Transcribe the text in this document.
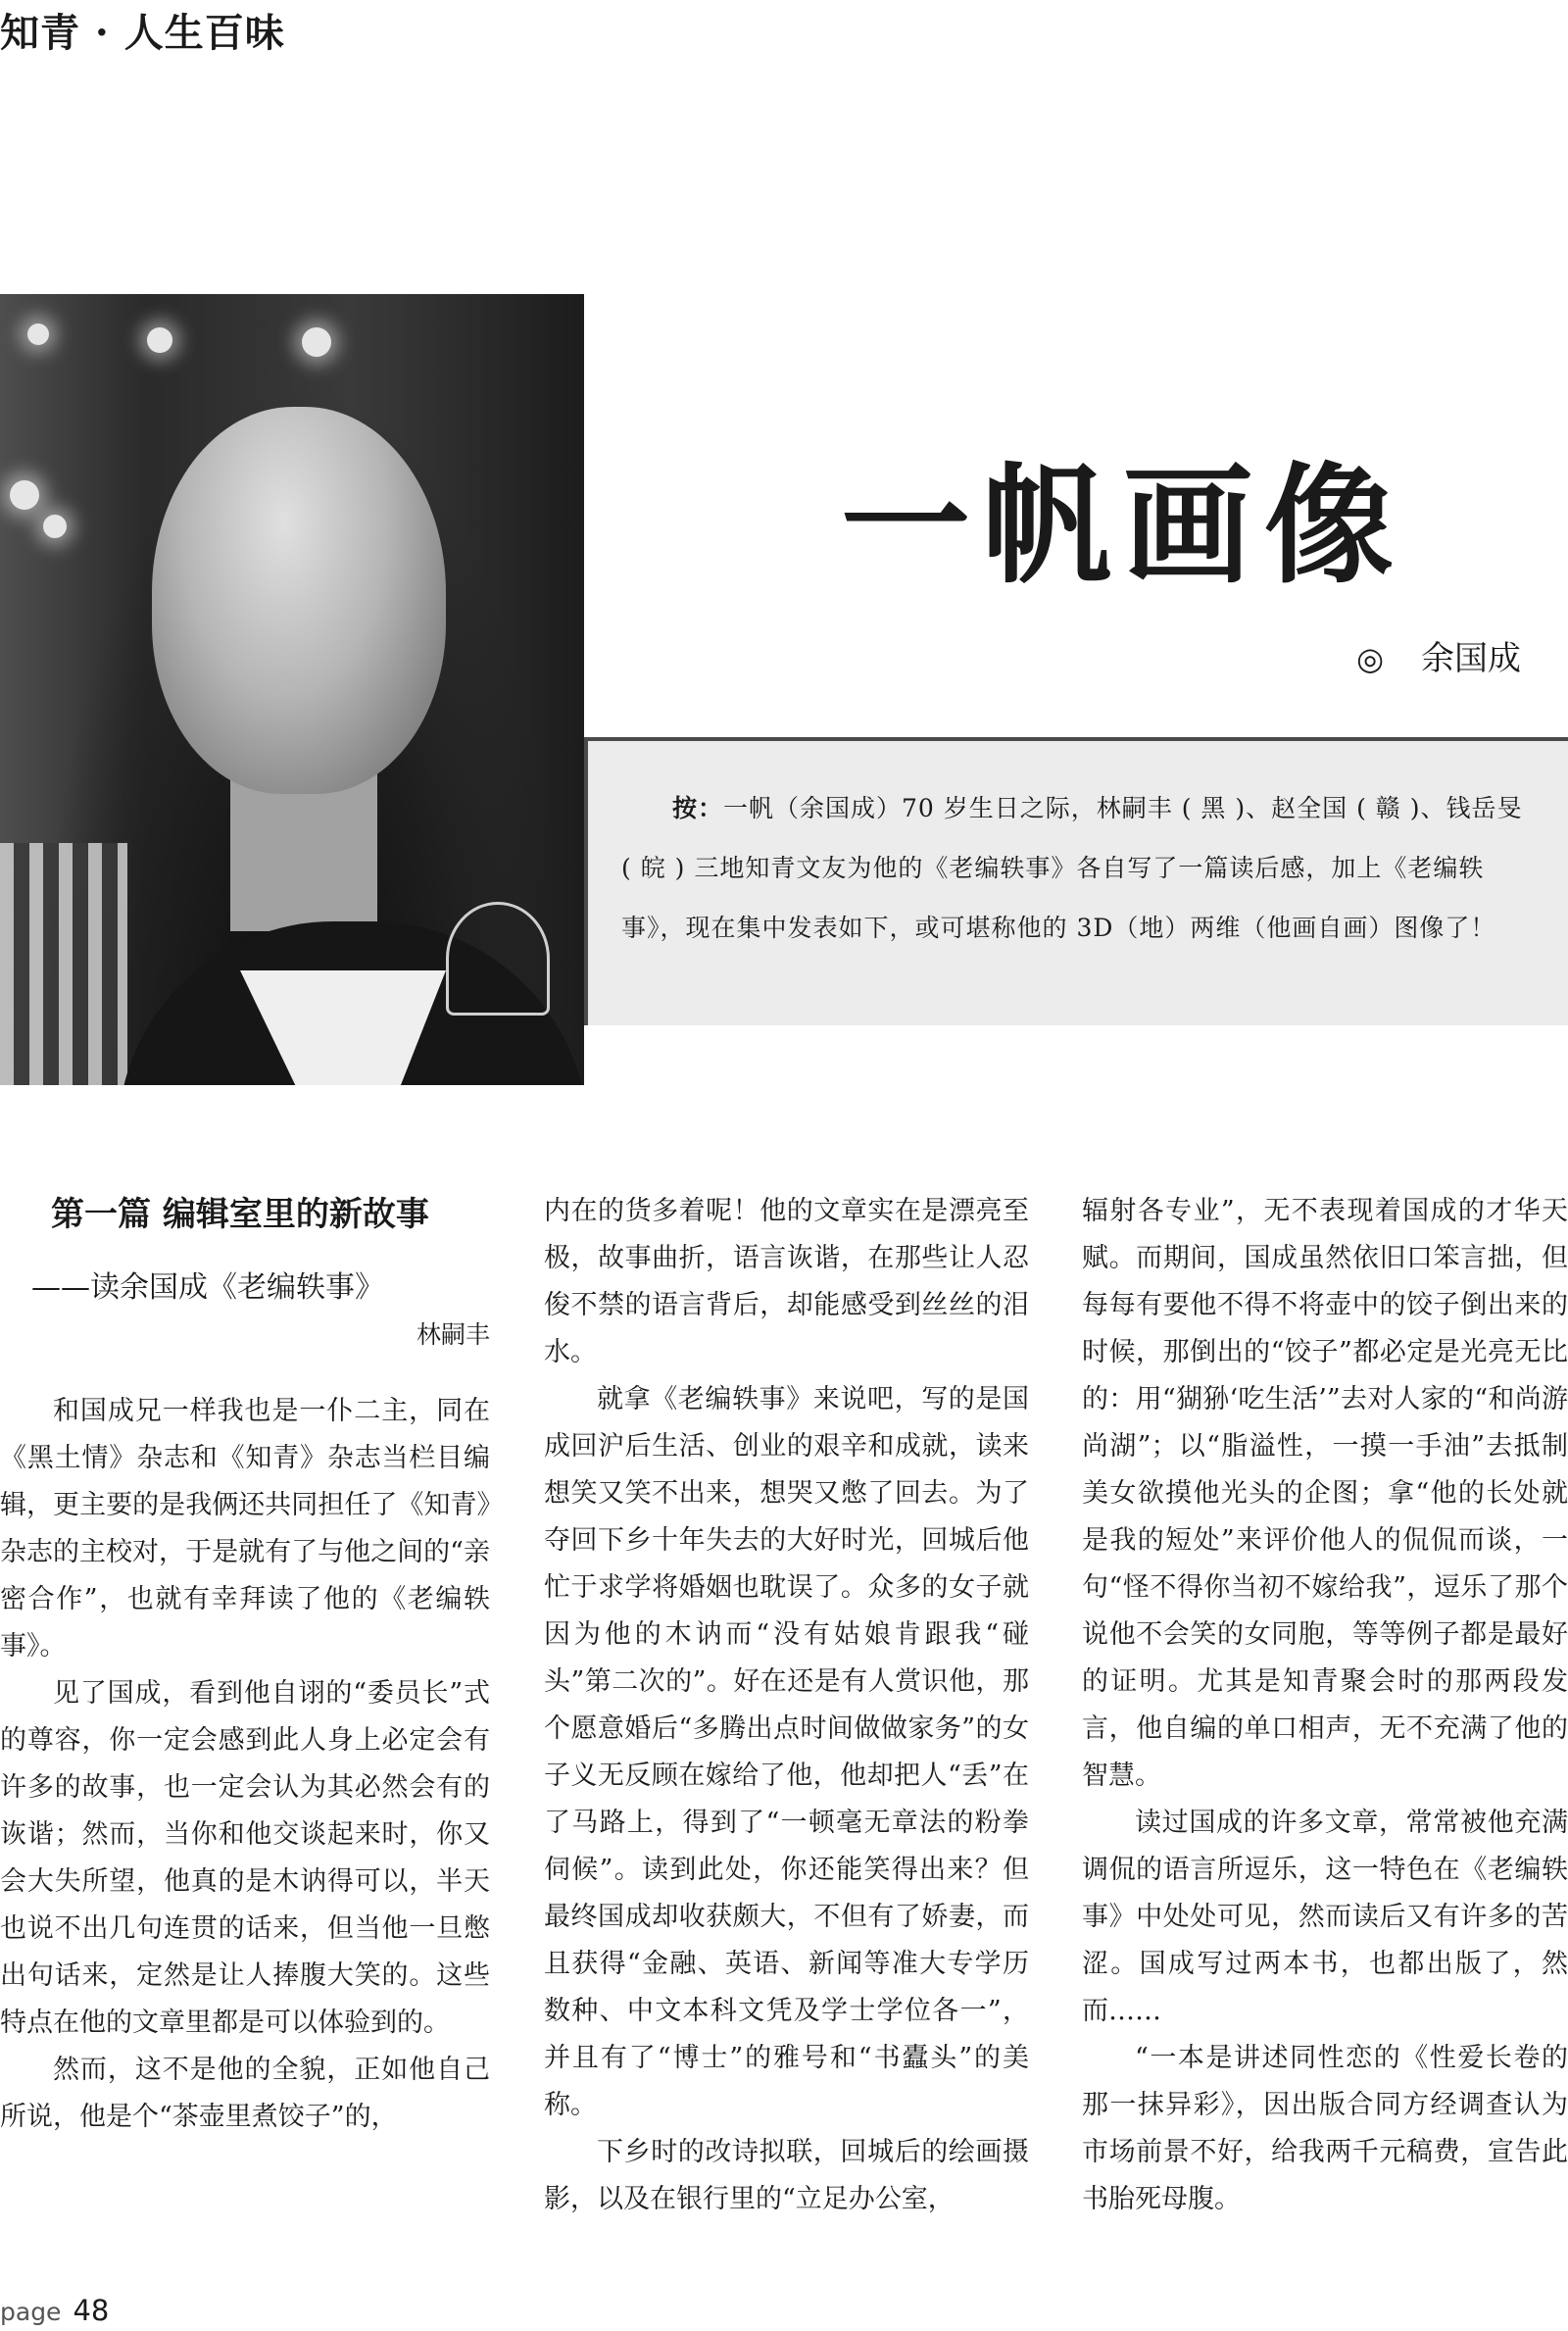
知青 · 人生百味
一帆画像
◎ 余国成
按：一帆（余国成）70 岁生日之际，林嗣丰 ( 黑 )、赵全国 ( 赣 )、钱岳旻 ( 皖 ) 三地知青文友为他的《老编轶事》各自写了一篇读后感，加上《老编轶事》，现在集中发表如下，或可堪称他的 3D（地）两维（他画自画）图像了！
第一篇 编辑室里的新故事
——读余国成《老编轶事》
林嗣丰

和国成兄一样我也是一仆二主，同在《黑土情》杂志和《知青》杂志当栏目编辑，更主要的是我俩还共同担任了《知青》杂志的主校对，于是就有了与他之间的“亲密合作”，也就有幸拜读了他的《老编轶事》。

见了国成，看到他自诩的“委员长”式的尊容，你一定会感到此人身上必定会有许多的故事，也一定会认为其必然会有的诙谐；然而，当你和他交谈起来时，你又会大失所望，他真的是木讷得可以，半天也说不出几句连贯的话来，但当他一旦憋出句话来，定然是让人捧腹大笑的。这些特点在他的文章里都是可以体验到的。

然而，这不是他的全貌，正如他自己所说，他是个“茶壶里煮饺子”的，

内在的货多着呢！他的文章实在是漂亮至极，故事曲折，语言诙谐，在那些让人忍俊不禁的语言背后，却能感受到丝丝的泪水。

就拿《老编轶事》来说吧，写的是国成回沪后生活、创业的艰辛和成就，读来想笑又笑不出来，想哭又憋了回去。为了夺回下乡十年失去的大好时光，回城后他忙于求学将婚姻也耽误了。众多的女子就因为他的木讷而“没有姑娘肯跟我“碰头”第二次的”。好在还是有人赏识他，那个愿意婚后“多腾出点时间做做家务”的女子义无反顾在嫁给了他，他却把人“丢”在了马路上，得到了“一顿毫无章法的粉拳伺候”。读到此处，你还能笑得出来？但最终国成却收获颇大，不但有了娇妻，而且获得“金融、英语、新闻等准大专学历数种、中文本科文凭及学士学位各一”，并且有了“博士”的雅号和“书蠹头”的美称。

下乡时的改诗拟联，回城后的绘画摄影，以及在银行里的“立足办公室，

辐射各专业”，无不表现着国成的才华天赋。而期间，国成虽然依旧口笨言拙，但每每有要他不得不将壶中的饺子倒出来的时候，那倒出的“饺子”都必定是光亮无比的：用“猢狲‘吃生活’”去对人家的“和尚游尚湖”；以“脂溢性，一摸一手油”去抵制美女欲摸他光头的企图；拿“他的长处就是我的短处”来评价他人的侃侃而谈，一句“怪不得你当初不嫁给我”，逗乐了那个说他不会笑的女同胞，等等例子都是最好的证明。尤其是知青聚会时的那两段发言，他自编的单口相声，无不充满了他的智慧。

读过国成的许多文章，常常被他充满调侃的语言所逗乐，这一特色在《老编轶事》中处处可见，然而读后又有许多的苦涩。国成写过两本书，也都出版了，然而……

“一本是讲述同性恋的《性爱长卷的那一抹异彩》，因出版合同方经调查认为市场前景不好，给我两千元稿费，宣告此书胎死母腹。

page 48
